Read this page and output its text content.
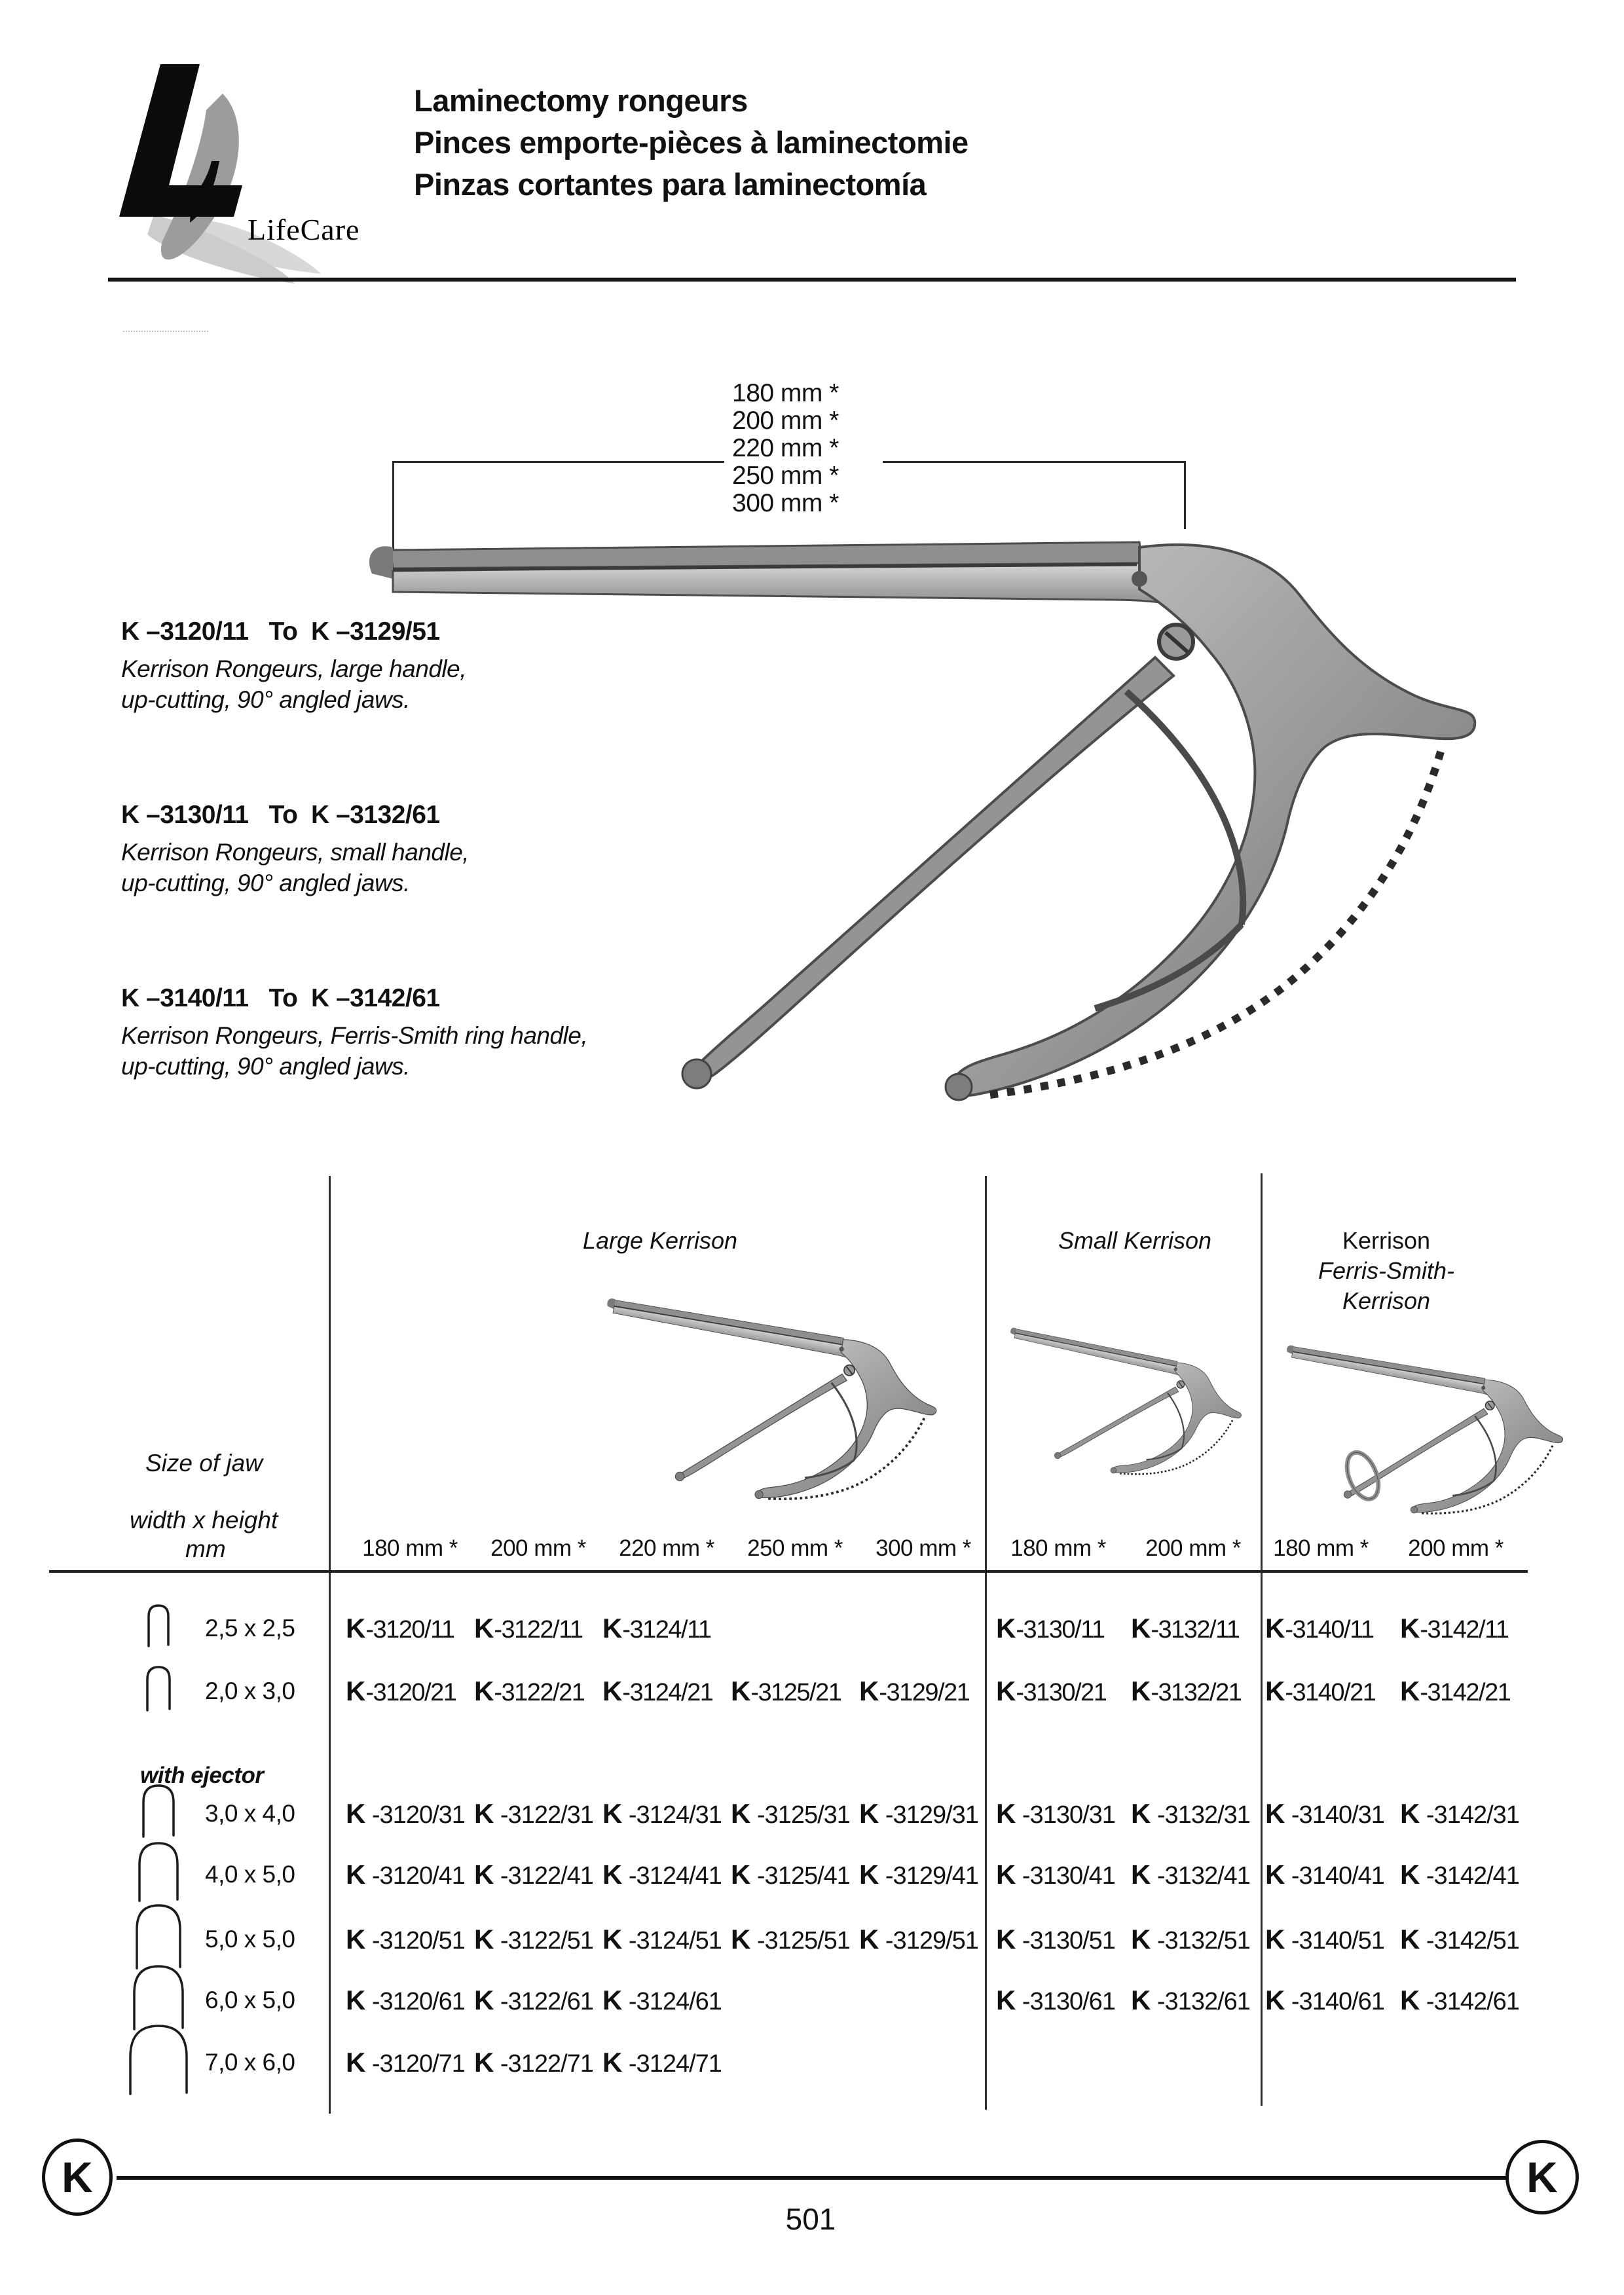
LifeCare
Laminectomy rongeurs
Pinces emporte-pièces à laminectomie
Pinzas cortantes para laminectomía
Size of jaw
width x height
mm
with ejector
K	K
501
180 mm *
200 mm *
220 mm *
250 mm *
300 mm *
K –3120/11   To  K –3129/51
Kerrison Rongeurs, large handle,
up-cutting, 90° angled jaws.
K –3130/11   To  K –3132/61
Kerrison Rongeurs, small handle,
up-cutting, 90° angled jaws.
K –3140/11   To  K –3142/61
Kerrison Rongeurs, Ferris-Smith ring handle,
up-cutting, 90° angled jaws.
Large Kerrison	Small Kerrison	Kerrison
Ferris-Smith-
Kerrison
180 mm *	200 mm *	220 mm *	250 mm *	300 mm *	180 mm *	200 mm *	180 mm *	200 mm *
2,5 x 2,5 K-3120/11 K-3122/11 K-3124/11	K-3130/11 K-3132/11 K-3140/11 K-3142/11
2,0 x 3,0 K-3120/21 K-3122/21 K-3124/21 K-3125/21 K-3129/21 K-3130/21 K-3132/21 K-3140/21 K-3142/21
3,0 x 4,0 K -3120/31 K -3122/31 K -3124/31 K -3125/31 K -3129/31 K -3130/31 K -3132/31 K -3140/31 K -3142/31
4,0 x 5,0 K -3120/41 K -3122/41 K -3124/41 K -3125/41 K -3129/41 K -3130/41 K -3132/41 K -3140/41 K -3142/41
5,0 x 5,0 K -3120/51 K -3122/51 K -3124/51 K -3125/51 K -3129/51 K -3130/51 K -3132/51 K -3140/51 K -3142/51
6,0 x 5,0 K -3120/61 K -3122/61 K -3124/61	K -3130/61 K -3132/61 K -3140/61 K -3142/61
7,0 x 6,0 K -3120/71 K -3122/71 K -3124/71
